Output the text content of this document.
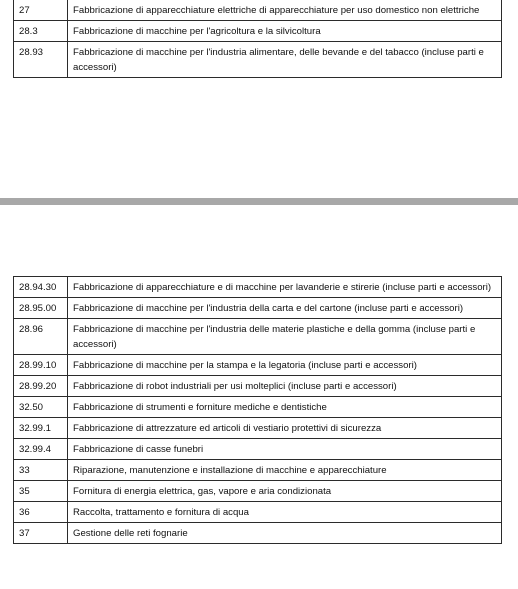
27	Fabbricazione di apparecchiature elettriche di apparecchiature per uso domestico non elettriche
28.3	Fabbricazione di macchine per l'agricoltura e la silvicoltura
28.93	Fabbricazione di macchine per l'industria alimentare, delle bevande e del tabacco (incluse parti e accessori)
28.94.30	Fabbricazione di apparecchiature e di macchine per lavanderie e stirerie (incluse parti e accessori)
28.95.00	Fabbricazione di macchine per l'industria della carta e del cartone (incluse parti e accessori)
28.96	Fabbricazione di macchine per l'industria delle materie plastiche e della gomma (incluse parti e accessori)
28.99.10	Fabbricazione di macchine per la stampa e la legatoria (incluse parti e accessori)
28.99.20	Fabbricazione di robot industriali per usi molteplici (incluse parti e accessori)
32.50	Fabbricazione di strumenti e forniture mediche e dentistiche
32.99.1	Fabbricazione di attrezzature ed articoli di vestiario protettivi di sicurezza
32.99.4	Fabbricazione di casse funebri
33	Riparazione, manutenzione e installazione di macchine e apparecchiature
35	Fornitura di energia elettrica, gas, vapore e aria condizionata
36	Raccolta, trattamento e fornitura di acqua
37	Gestione delle reti fognarie
